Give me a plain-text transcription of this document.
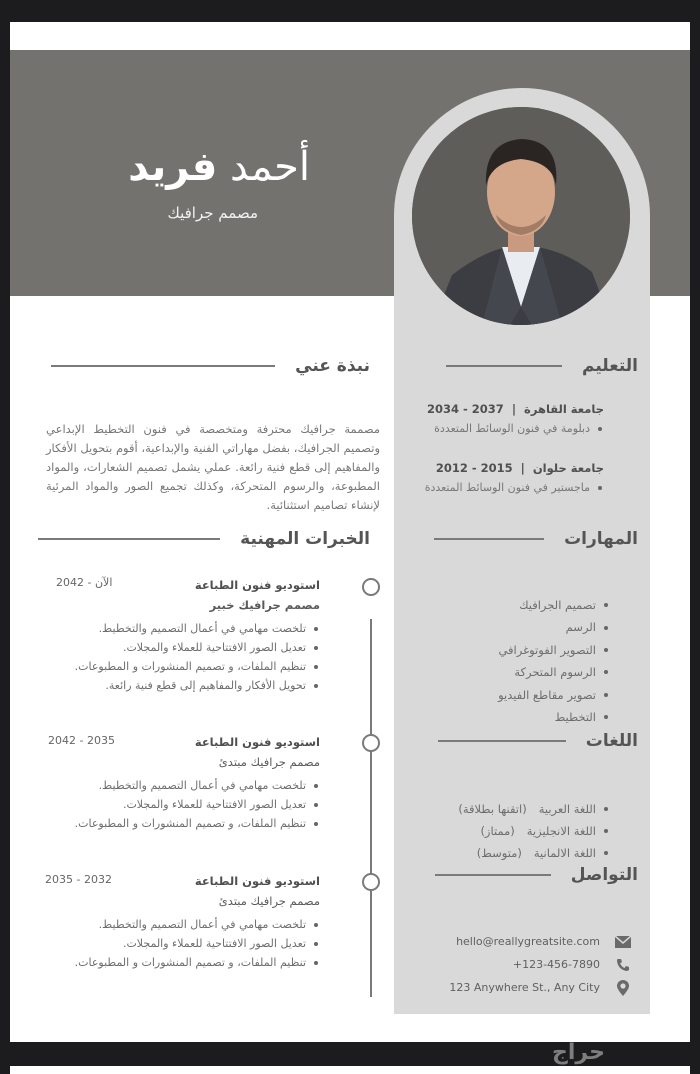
أحمد فريد
مصمم جرافيك
التعليم
جامعة القاهرة  |  2034 - 2037
دبلومة في فنون الوسائط المتعددة
جامعة حلوان  |  2012 - 2015
ماجستير في فنون الوسائط المتعددة
المهارات
تصميم الجرافيك
الرسم
التصوير الفوتوغرافي
الرسوم المتحركة
تصوير مقاطع الفيديو
التخطيط
اللغات
اللغة العربية(اتقنها بطلاقة)
اللغة الانجليزية(ممتاز)
اللغة الالمانية(متوسط)
التواصل
hello@reallygreatsite.com
+123-456-7890
123 Anywhere St., Any City
نبذة عني

مصممة جرافيك محترفة ومتخصصة في فنون التخطيط الإبداعي وتصميم الجرافيك، بفضل مهاراتي الفنية والإبداعية، أقوم بتحويل الأفكار والمفاهيم إلى قطع فنية رائعة. عملي يشمل تصميم الشعارات، والمواد المطبوعة، والرسوم المتحركة، وكذلك تجميع الصور والمواد المرئية لإنشاء تصاميم استثنائية.

الخبرات المهنية
استوديو فنون الطباعة
مصمم جرافيك خبير
تلخصت مهامي في أعمال التصميم والتخطيط.
تعديل الصور الافتتاحية للعملاء والمجلات.
تنظيم الملفات، و تصميم المنشورات و المطبوعات.
تحويل الأفكار والمفاهيم إلى قطع فنية رائعة.
2042 - الآن
استوديو فنون الطباعة
مصمم جرافيك مبتدئ
تلخصت مهامي في أعمال التصميم والتخطيط.
تعديل الصور الافتتاحية للعملاء والمجلات.
تنظيم الملفات، و تصميم المنشورات و المطبوعات.
2042 - 2035
استوديو فنون الطباعة
مصمم جرافيك مبتدئ
تلخصت مهامي في أعمال التصميم والتخطيط.
تعديل الصور الافتتاحية للعملاء والمجلات.
تنظيم الملفات، و تصميم المنشورات و المطبوعات.
2035 - 2032
حراج
